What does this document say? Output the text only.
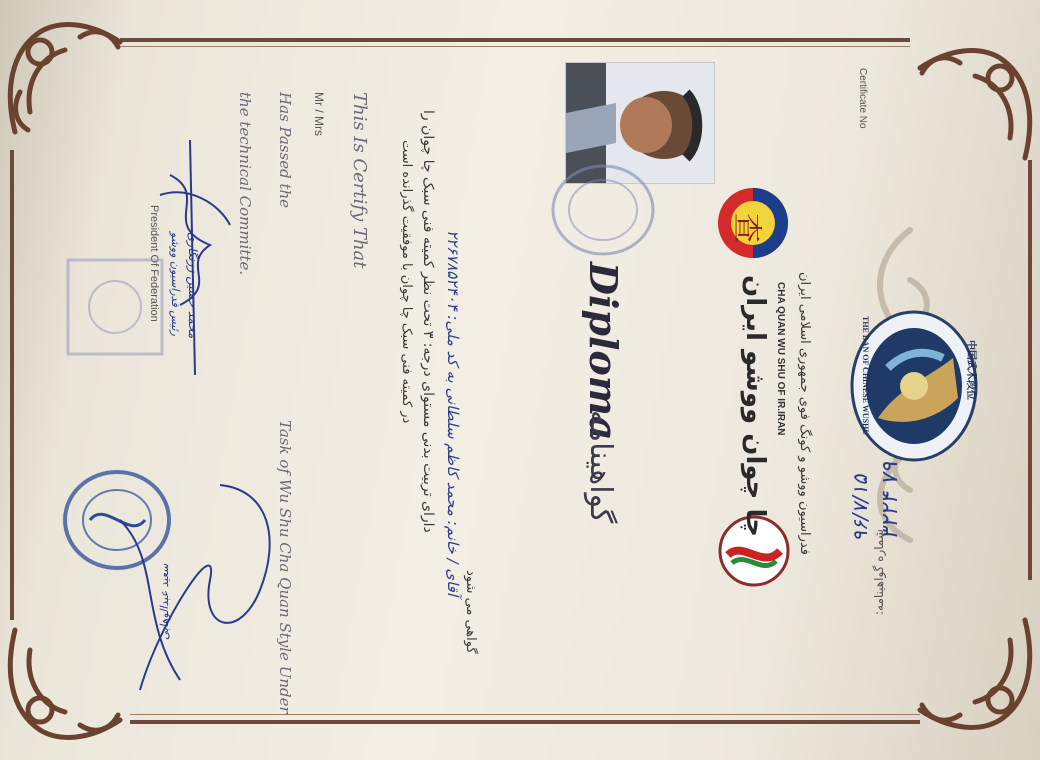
Certificate No
شماره گواهینامه:
۳۲۲۴ ۷۹
۹۶/۷/۱۵
THE DAN OF CHINESE WUSHU	中国武术段位
查
فدراسیون ووشو و کونگ فوی جمهوری اسلامی ایران
CHA QUAN WU SHU OF IR.IRAN
چا چوان ووشو ایران
Diploma
گواهینامه
گواهی می شود
آقای / خانم: محمد کاظم سلطانی به کد ملی: ۲۲۶۷۸۵۲۴۰۴
دارای تربیت بدنی مستوای درجه: ۳ تحت نظر کمیته فنی سبک چا چوان را
در کمیته فنی سبک چا چوان با موفقیت گذرانده است
This Is Certify That
Mr / Mrs
Has Passed the
Task of Wu Shu Cha Quan Style Under
the technical Committe.
محمد حسین زرنگاری
رئیس فدراسیون ووشو
President Of Federation
سعید عبدالوهابی
